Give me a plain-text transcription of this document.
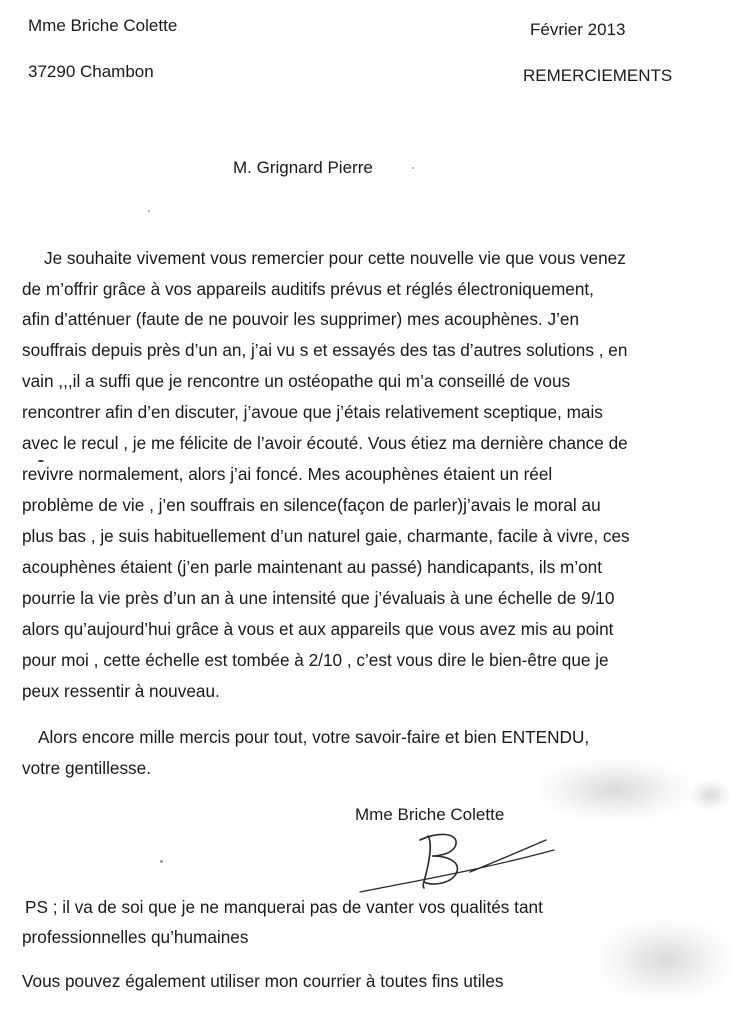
Mme Briche Colette
37290 Chambon
Février 2013
REMERCIEMENTS
M. Grignard Pierre
Je souhaite vivement vous remercier pour cette nouvelle vie que vous venez
de m’offrir grâce à vos appareils auditifs prévus et réglés électroniquement,
afin d’atténuer (faute de ne pouvoir les supprimer) mes acouphènes. J’en
souffrais depuis près d’un an, j’ai vu s et essayés des tas d’autres solutions , en
vain ,,,il a suffi que je rencontre un ostéopathe qui m’a conseillé de vous
rencontrer afin d’en discuter, j’avoue que j’étais relativement sceptique, mais
avec le recul , je me félicite de l’avoir écouté. Vous étiez ma dernière chance de
revivre normalement, alors j’ai foncé. Mes acouphènes étaient un réel
problème de vie , j’en souffrais en silence(façon de parler)j’avais le moral au
plus bas , je suis habituellement d’un naturel gaie, charmante, facile à vivre, ces
acouphènes étaient (j’en parle maintenant au passé) handicapants, ils m’ont
pourrie la vie près d’un an à une intensité que j’évaluais à une échelle de 9/10
alors qu’aujourd’hui grâce à vous et aux appareils que vous avez mis au point
pour moi , cette échelle est tombée à 2/10 , c’est vous dire le bien-être que je
peux ressentir à nouveau.
Alors encore mille mercis pour tout, votre savoir-faire et bien ENTENDU,
votre gentillesse.
Mme Briche Colette
PS ; il va de soi que je ne manquerai pas de vanter vos qualités tant
professionnelles qu’humaines
Vous pouvez également utiliser mon courrier à toutes fins utiles
